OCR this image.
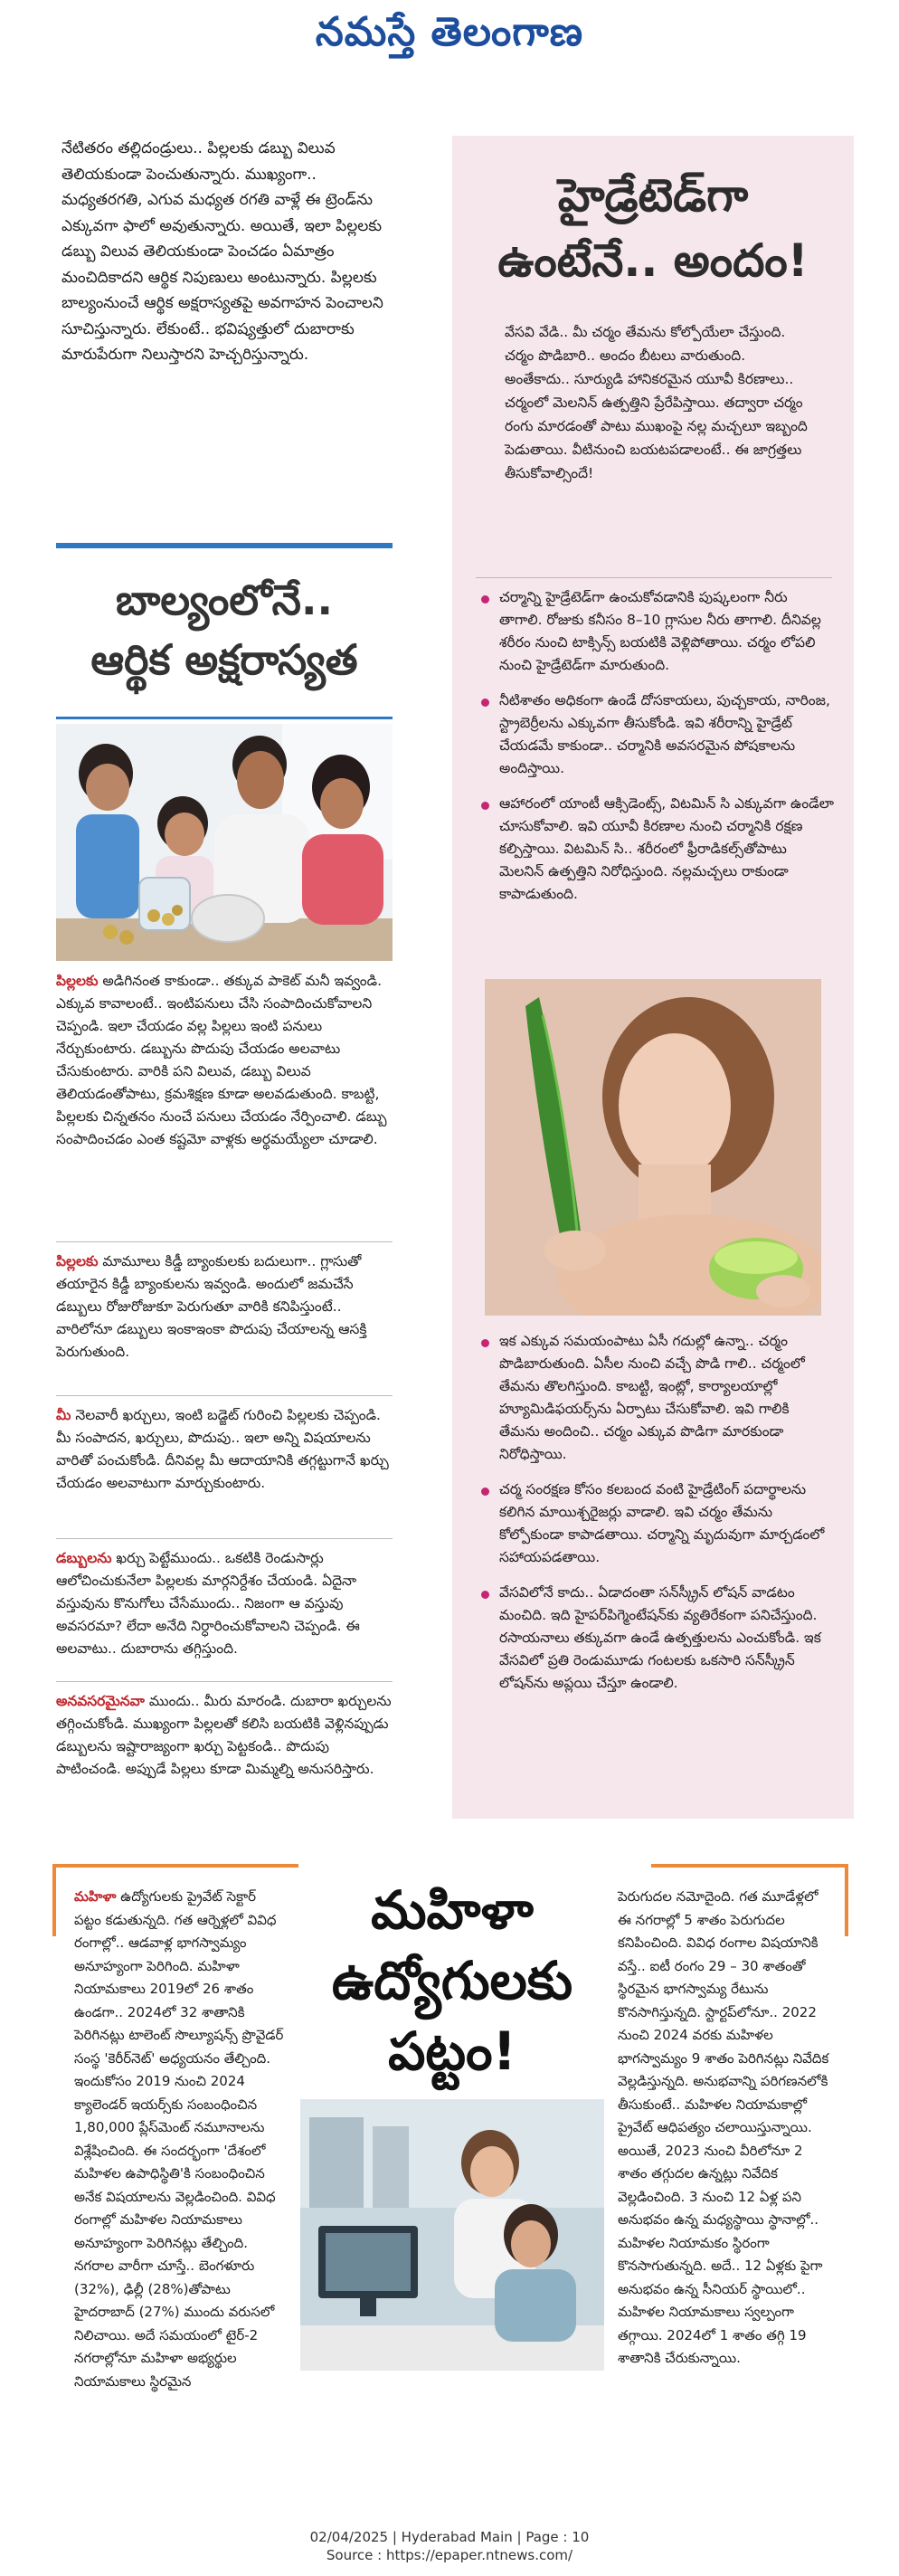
నమస్తే తెలంగాణ
నేటితరం తల్లిదండ్రులు.. పిల్లలకు డబ్బు విలువ తెలియకుండా పెంచుతున్నారు. ముఖ్యంగా.. మధ్యతరగతి, ఎగువ మధ్యత రగతి వాళ్లే ఈ ట్రెండ్‌ను ఎక్కువగా ఫాలో అవుతున్నారు. అయితే, ఇలా పిల్లలకు డబ్బు విలువ తెలియకుండా పెంచడం ఏమాత్రం మంచిదికాదని ఆర్థిక నిపుణులు అంటున్నారు. పిల్లలకు బాల్యంనుంచే ఆర్థిక అక్షరాస్యతపై అవగాహన పెంచాలని సూచిస్తున్నారు. లేకుంటే.. భవిష్యత్తులో దుబారాకు మారుపేరుగా నిలుస్తారని హెచ్చరిస్తున్నారు.
బాల్యంలోనే..
ఆర్థిక అక్షరాస్యత
పిల్లలకు అడిగినంత కాకుండా.. తక్కువ పాకెట్ మనీ ఇవ్వండి. ఎక్కువ కావాలంటే.. ఇంటిపనులు చేసి సంపాదించుకోవాలని చెప్పండి. ఇలా చేయడం వల్ల పిల్లలు ఇంటి పనులు నేర్చుకుంటారు. డబ్బును పొదుపు చేయడం అలవాటు చేసుకుంటారు. వారికి పని విలువ, డబ్బు విలువ తెలియడంతోపాటు, క్రమశిక్షణ కూడా అలవడుతుంది. కాబట్టి, పిల్లలకు చిన్నతనం నుంచే పనులు చేయడం నేర్పించాలి. డబ్బు సంపాదించడం ఎంత కష్టమో వాళ్లకు అర్థమయ్యేలా చూడాలి.
పిల్లలకు మామూలు కిడ్డీ బ్యాంకులకు బదులుగా.. గ్లాసుతో తయారైన కిడ్డీ బ్యాంకులను ఇవ్వండి. అందులో జమచేసే డబ్బులు రోజురోజుకూ పెరుగుతూ వారికి కనిపిస్తుంటే.. వారిలోనూ డబ్బులు ఇంకాఇంకా పొదుపు చేయాలన్న ఆసక్తి పెరుగుతుంది.
మీ నెలవారీ ఖర్చులు, ఇంటి బడ్జెట్ గురించి పిల్లలకు చెప్పండి. మీ సంపాదన, ఖర్చులు, పొదుపు.. ఇలా అన్ని విషయాలను వారితో పంచుకోండి. దీనివల్ల మీ ఆదాయానికి తగ్గట్టుగానే ఖర్చు చేయడం అలవాటుగా మార్చుకుంటారు.
డబ్బులను ఖర్చు పెట్టేముందు.. ఒకటికి రెండుసార్లు ఆలోచించుకునేలా పిల్లలకు మార్గనిర్దేశం చేయండి. ఏదైనా వస్తువును కొనుగోలు చేసేముందు.. నిజంగా ఆ వస్తువు అవసరమా? లేదా అనేది నిర్ధారించుకోవాలని చెప్పండి. ఈ అలవాటు.. దుబారాను తగ్గిస్తుంది.
అనవసరమైనవా ముందు.. మీరు మారండి. దుబారా ఖర్చులను తగ్గించుకోండి. ముఖ్యంగా పిల్లలతో కలిసి బయటికి వెళ్లినప్పుడు డబ్బులను ఇష్టారాజ్యంగా ఖర్చు పెట్టకండి.. పొదుపు పాటించండి. అప్పుడే పిల్లలు కూడా మిమ్మల్ని అనుసరిస్తారు.
హైడ్రేటెడ్‌గా
ఉంటేనే.. అందం!
వేసవి వేడి.. మీ చర్మం తేమను కోల్పోయేలా చేస్తుంది. చర్మం పొడిబారి.. అందం బీటలు వారుతుంది. అంతేకాదు.. సూర్యుడి హానికరమైన యూవీ కిరణాలు.. చర్మంలో మెలనిన్ ఉత్పత్తిని ప్రేరేపిస్తాయి. తద్వారా చర్మం రంగు మారడంతో పాటు ముఖంపై నల్ల మచ్చలూ ఇబ్బంది పెడుతాయి. వీటినుంచి బయటపడాలంటే.. ఈ జాగ్రత్తలు తీసుకోవాల్సిందే!
చర్మాన్ని హైడ్రేటెడ్‌గా ఉంచుకోవడానికి పుష్కలంగా నీరు తాగాలి. రోజుకు కనీసం 8–10 గ్లాసుల నీరు తాగాలి. దీనివల్ల శరీరం నుంచి టాక్సిన్స్ బయటికి వెళ్లిపోతాయి. చర్మం లోపలి నుంచి హైడ్రేటెడ్‌గా మారుతుంది.
నీటిశాతం అధికంగా ఉండే దోసకాయలు, పుచ్చకాయ, నారింజ, స్ట్రాబెర్రీలను ఎక్కువగా తీసుకోండి. ఇవి శరీరాన్ని హైడ్రేట్ చేయడమే కాకుండా.. చర్మానికి అవసరమైన పోషకాలను అందిస్తాయి.
ఆహారంలో యాంటీ ఆక్సిడెంట్స్, విటమిన్ సి ఎక్కువగా ఉండేలా చూసుకోవాలి. ఇవి యూవీ కిరణాల నుంచి చర్మానికి రక్షణ కల్పిస్తాయి. విటమిన్ సి.. శరీరంలో ఫ్రీరాడికల్స్‌తోపాటు మెలనిన్ ఉత్పత్తిని నిరోధిస్తుంది. నల్లమచ్చలు రాకుండా కాపాడుతుంది.
ఇక ఎక్కువ సమయంపాటు ఏసీ గదుల్లో ఉన్నా.. చర్మం పొడిబారుతుంది. ఏసీల నుంచి వచ్చే పొడి గాలి.. చర్మంలో తేమను తొలగిస్తుంది. కాబట్టి, ఇంట్లో, కార్యాలయాల్లో హ్యూమిడిఫయర్స్‌ను ఏర్పాటు చేసుకోవాలి. ఇవి గాలికి తేమను అందించి.. చర్మం ఎక్కువ పొడిగా మారకుండా నిరోధిస్తాయి.
చర్మ సంరక్షణ కోసం కలబంద వంటి హైడ్రేటింగ్ పదార్థాలను కలిగిన మాయిశ్చరైజర్లు వాడాలి. ఇవి చర్మం తేమను కోల్పోకుండా కాపాడతాయి. చర్మాన్ని మృదువుగా మార్చడంలో సహాయపడతాయి.
వేసవిలోనే కాదు.. ఏడాదంతా సన్‌స్క్రీన్ లోషన్ వాడటం మంచిది. ఇది హైపర్‌పిగ్మెంటేషన్‌కు వ్యతిరేకంగా పనిచేస్తుంది. రసాయనాలు తక్కువగా ఉండే ఉత్పత్తులను ఎంచుకోండి. ఇక వేసవిలో ప్రతి రెండుమూడు గంటలకు ఒకసారి సన్‌స్క్రీన్ లోషన్‌ను అప్లయి చేస్తూ ఉండాలి.
మహిళా ఉద్యోగులకు ప్రైవేట్ సెక్టార్ పట్టం కడుతున్నది. గత ఆర్నెళ్లలో వివిధ రంగాల్లో.. ఆడవాళ్ల భాగస్వామ్యం అనూహ్యంగా పెరిగింది. మహిళా నియామకాలు 2019లో 26 శాతం ఉండగా.. 2024లో 32 శాతానికి పెరిగినట్లు టాలెంట్ సొల్యూషన్స్ ప్రొవైడర్ సంస్థ 'కెరీర్‌నెట్' అధ్యయనం తేల్చింది. ఇందుకోసం 2019 నుంచి 2024 క్యాలెండర్ ఇయర్స్‌కు సంబంధించిన 1,80,000 ప్లేస్‌మెంట్ నమూనాలను విశ్లేషించింది. ఈ సందర్భంగా 'దేశంలో మహిళల ఉపాధిస్థితి'కి సంబంధించిన అనేక విషయాలను వెల్లడించింది. వివిధ రంగాల్లో మహిళల నియామకాలు అనూహ్యంగా పెరిగినట్లు తేల్చింది. నగరాల వారీగా చూస్తే.. బెంగళూరు (32%), ఢిల్లీ (28%)తోపాటు హైదరాబాద్ (27%) ముందు వరుసలో నిలిచాయి. అదే సమయంలో టైర్-2 నగరాల్లోనూ మహిళా అభ్యర్థుల నియామకాలు స్థిరమైన
మహిళా
ఉద్యోగులకు
పట్టం!
పెరుగుదల నమోదైంది. గత మూడేళ్లలో ఈ నగరాల్లో 5 శాతం పెరుగుదల కనిపించింది. వివిధ రంగాల విషయానికి వస్తే.. ఐటీ రంగం 29 – 30 శాతంతో స్థిరమైన భాగస్వామ్య రేటును కొనసాగిస్తున్నది. స్టార్టప్‌లోనూ.. 2022 నుంచి 2024 వరకు మహిళల భాగస్వామ్యం 9 శాతం పెరిగినట్లు నివేదిక వెల్లడిస్తున్నది. అనుభవాన్ని పరిగణనలోకి తీసుకుంటే.. మహిళల నియామకాల్లో ప్రైవేట్ ఆధిపత్యం చలాయిస్తున్నాయి. అయితే, 2023 నుంచి వీరిలోనూ 2 శాతం తగ్గుదల ఉన్నట్లు నివేదిక వెల్లడించింది. 3 నుంచి 12 ఏళ్ల పని అనుభవం ఉన్న మధ్యస్థాయి స్థానాల్లో.. మహిళల నియామకం స్థిరంగా కొనసాగుతున్నది. అదే.. 12 ఏళ్లకు పైగా అనుభవం ఉన్న సీనియర్ స్థాయిలో.. మహిళల నియామకాలు స్వల్పంగా తగ్గాయి. 2024లో 1 శాతం తగ్గి 19 శాతానికి చేరుకున్నాయి.
02/04/2025 | Hyderabad Main | Page : 10
Source : https://epaper.ntnews.com/
